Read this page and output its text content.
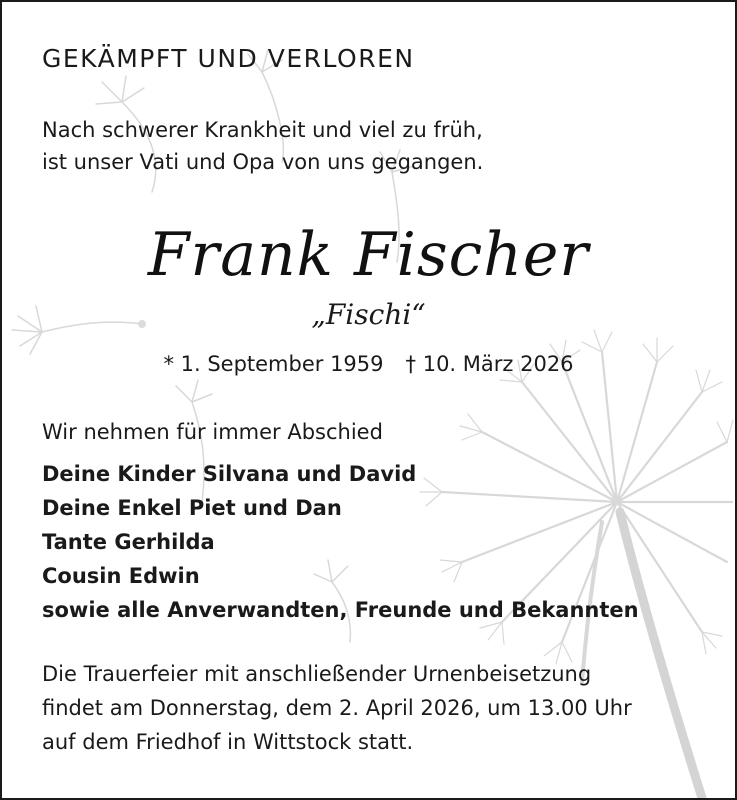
GEKÄMPFT UND VERLOREN
Nach schwerer Krankheit und viel zu früh,
ist unser Vati und Opa von uns gegangen.
Frank Fischer
„Fischi“
* 1. September 1959 † 10. März 2026
Wir nehmen für immer Abschied
Deine Kinder Silvana und David
Deine Enkel Piet und Dan
Tante Gerhilda
Cousin Edwin
sowie alle Anverwandten, Freunde und Bekannten
Die Trauerfeier mit anschließender Urnenbeisetzung
findet am Donnerstag, dem 2. April 2026, um 13.00 Uhr
auf dem Friedhof in Wittstock statt.
